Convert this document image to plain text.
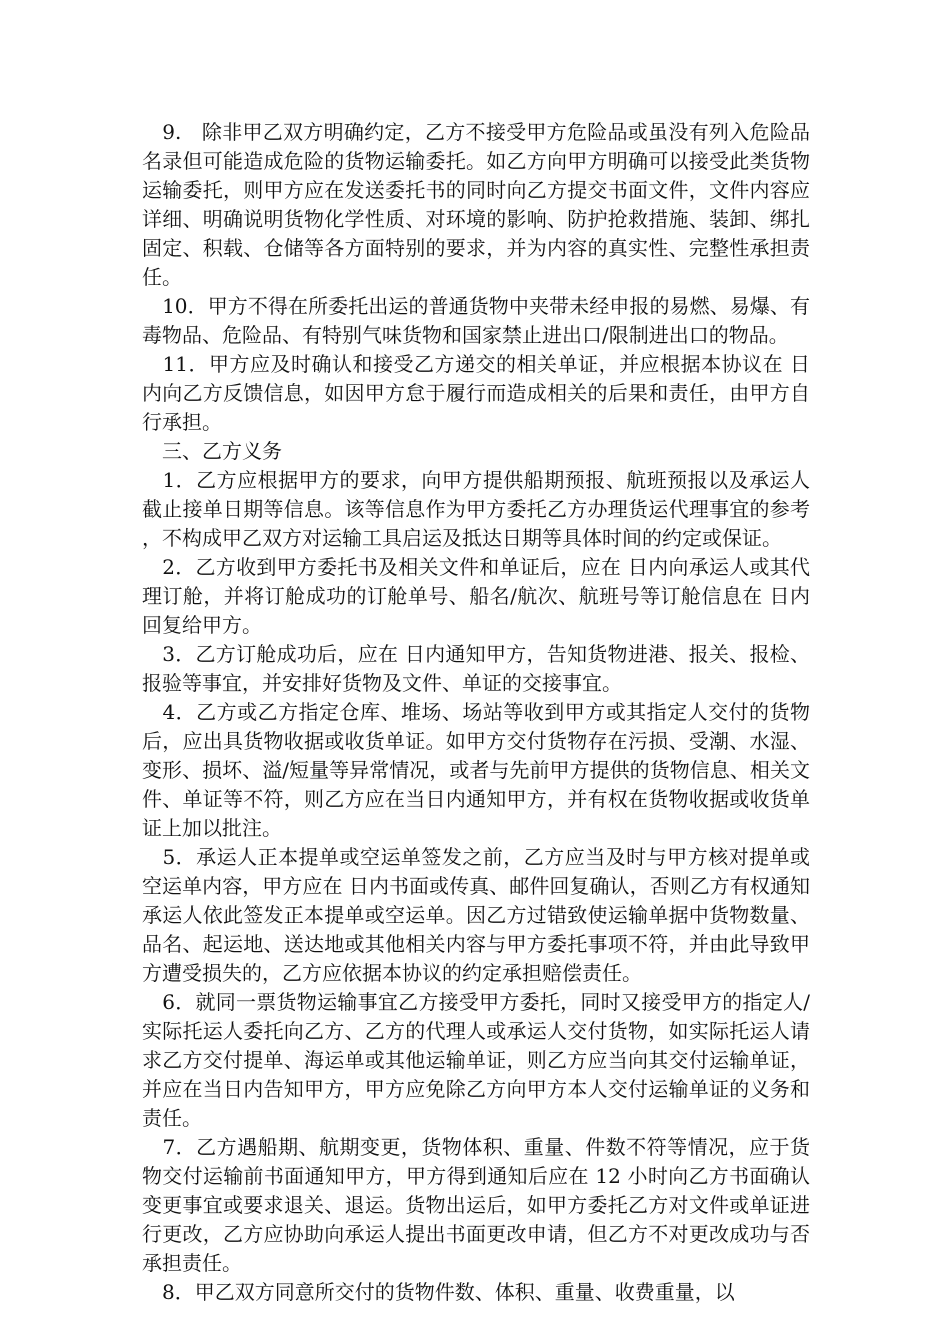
　9.　除非甲乙双方明确约定，乙方不接受甲方危险品或虽没有列入危险品名录但可能造成危险的货物运输委托。如乙方向甲方明确可以接受此类货物运输委托，则甲方应在发送委托书的同时向乙方提交书面文件，文件内容应详细、明确说明货物化学性质、对环境的影响、防护抢救措施、装卸、绑扎固定、积载、仓储等各方面特别的要求，并为内容的真实性、完整性承担责任。

　10．甲方不得在所委托出运的普通货物中夹带未经申报的易燃、易爆、有毒物品、危险品、有特别气味货物和国家禁止进出口/限制进出口的物品。

　11．甲方应及时确认和接受乙方递交的相关单证，并应根据本协议在 日内向乙方反馈信息，如因甲方怠于履行而造成相关的后果和责任，由甲方自行承担。

　三、乙方义务

　1．乙方应根据甲方的要求，向甲方提供船期预报、航班预报以及承运人截止接单日期等信息。该等信息作为甲方委托乙方办理货运代理事宜的参考，不构成甲乙双方对运输工具启运及抵达日期等具体时间的约定或保证。

　2．乙方收到甲方委托书及相关文件和单证后，应在 日内向承运人或其代理订舱，并将订舱成功的订舱单号、船名/航次、航班号等订舱信息在 日内回复给甲方。

　3．乙方订舱成功后，应在 日内通知甲方，告知货物进港、报关、报检、报验等事宜，并安排好货物及文件、单证的交接事宜。

　4．乙方或乙方指定仓库、堆场、场站等收到甲方或其指定人交付的货物后，应出具货物收据或收货单证。如甲方交付货物存在污损、受潮、水湿、变形、损坏、溢/短量等异常情况，或者与先前甲方提供的货物信息、相关文件、单证等不符，则乙方应在当日内通知甲方，并有权在货物收据或收货单证上加以批注。

　5．承运人正本提单或空运单签发之前，乙方应当及时与甲方核对提单或空运单内容，甲方应在 日内书面或传真、邮件回复确认，否则乙方有权通知承运人依此签发正本提单或空运单。因乙方过错致使运输单据中货物数量、品名、起运地、送达地或其他相关内容与甲方委托事项不符，并由此导致甲方遭受损失的，乙方应依据本协议的约定承担赔偿责任。

　6．就同一票货物运输事宜乙方接受甲方委托，同时又接受甲方的指定人/实际托运人委托向乙方、乙方的代理人或承运人交付货物，如实际托运人请求乙方交付提单、海运单或其他运输单证，则乙方应当向其交付运输单证，并应在当日内告知甲方，甲方应免除乙方向甲方本人交付运输单证的义务和责任。

　7．乙方遇船期、航期变更，货物体积、重量、件数不符等情况，应于货物交付运输前书面通知甲方，甲方得到通知后应在 12 小时向乙方书面确认变更事宜或要求退关、退运。货物出运后，如甲方委托乙方对文件或单证进行更改，乙方应协助向承运人提出书面更改申请，但乙方不对更改成功与否承担责任。

　8．甲乙双方同意所交付的货物件数、体积、重量、收费重量，以
